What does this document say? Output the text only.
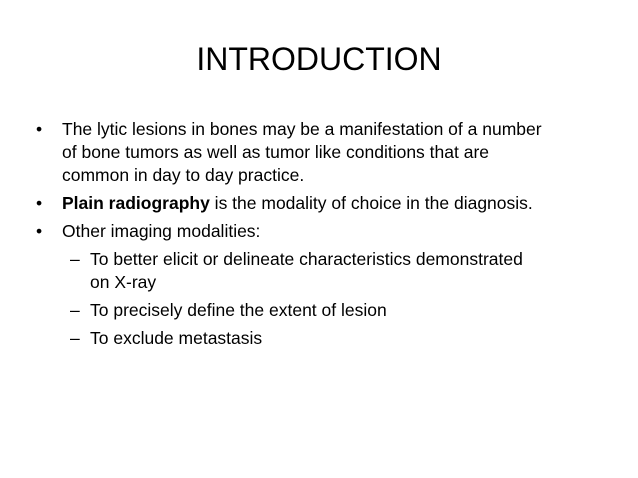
INTRODUCTION
•	The lytic lesions in bones may be a manifestation of a number
of bone tumors as well as tumor like conditions that are
common in day to day practice.
•	Plain radiography is the modality of choice in the diagnosis.
•	Other imaging modalities:
– To better elicit or delineate characteristics demonstrated
on X-ray
– To precisely define the extent of lesion
– To exclude metastasis
